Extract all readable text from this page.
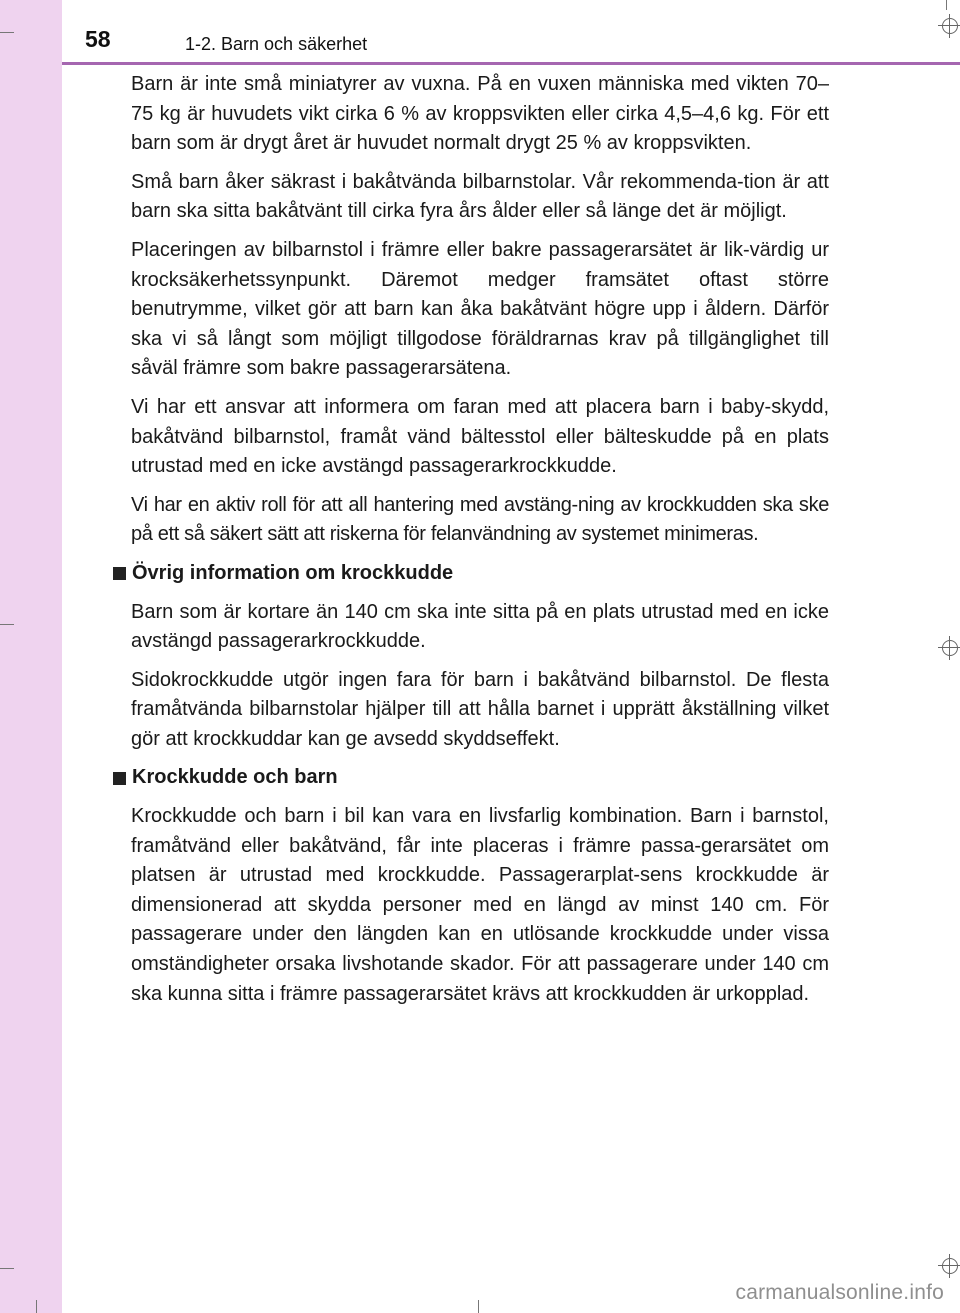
58	1-2. Barn och säkerhet

Barn är inte små miniatyrer av vuxna. På en vuxen människa med vikten 70–75 kg är huvudets vikt cirka 6 % av kroppsvikten eller cirka 4,5–4,6 kg. För ett barn som är drygt året är huvudet normalt drygt 25 % av kroppsvikten.

Små barn åker säkrast i bakåtvända bilbarnstolar. Vår rekommenda-tion är att barn ska sitta bakåtvänt till cirka fyra års ålder eller så länge det är möjligt.

Placeringen av bilbarnstol i främre eller bakre passagerarsätet är lik-värdig ur krocksäkerhetssynpunkt. Däremot medger framsätet oftast större benutrymme, vilket gör att barn kan åka bakåtvänt högre upp i åldern. Därför ska vi så långt som möjligt tillgodose föräldrarnas krav på tillgänglighet till såväl främre som bakre passagerarsätena.

Vi har ett ansvar att informera om faran med att placera barn i baby-skydd, bakåtvänd bilbarnstol, framåt vänd bältesstol eller bälteskudde på en plats utrustad med en icke avstängd passagerarkrockkudde.

Vi har en aktiv roll för att all hantering med avstäng-ning av krockkudden ska ske på ett så säkert sätt att riskerna för felanvändning av systemet minimeras.

Övrig information om krockkudde

Barn som är kortare än 140 cm ska inte sitta på en plats utrustad med en icke avstängd passagerarkrockkudde.

Sidokrockkudde utgör ingen fara för barn i bakåtvänd bilbarnstol. De flesta framåtvända bilbarnstolar hjälper till att hålla barnet i upprätt åkställning vilket gör att krockkuddar kan ge avsedd skyddseffekt.

Krockkudde och barn

Krockkudde och barn i bil kan vara en livsfarlig kombination. Barn i barnstol, framåtvänd eller bakåtvänd, får inte placeras i främre passa-gerarsätet om platsen är utrustad med krockkudde. Passagerarplat-sens krockkudde är dimensionerad att skydda personer med en längd av minst 140 cm. För passagerare under den längden kan en utlösande krockkudde under vissa omständigheter orsaka livshotande skador. För att passagerare under 140 cm ska kunna sitta i främre passagerarsätet krävs att krockkudden är urkopplad.

carmanualsonline.info
